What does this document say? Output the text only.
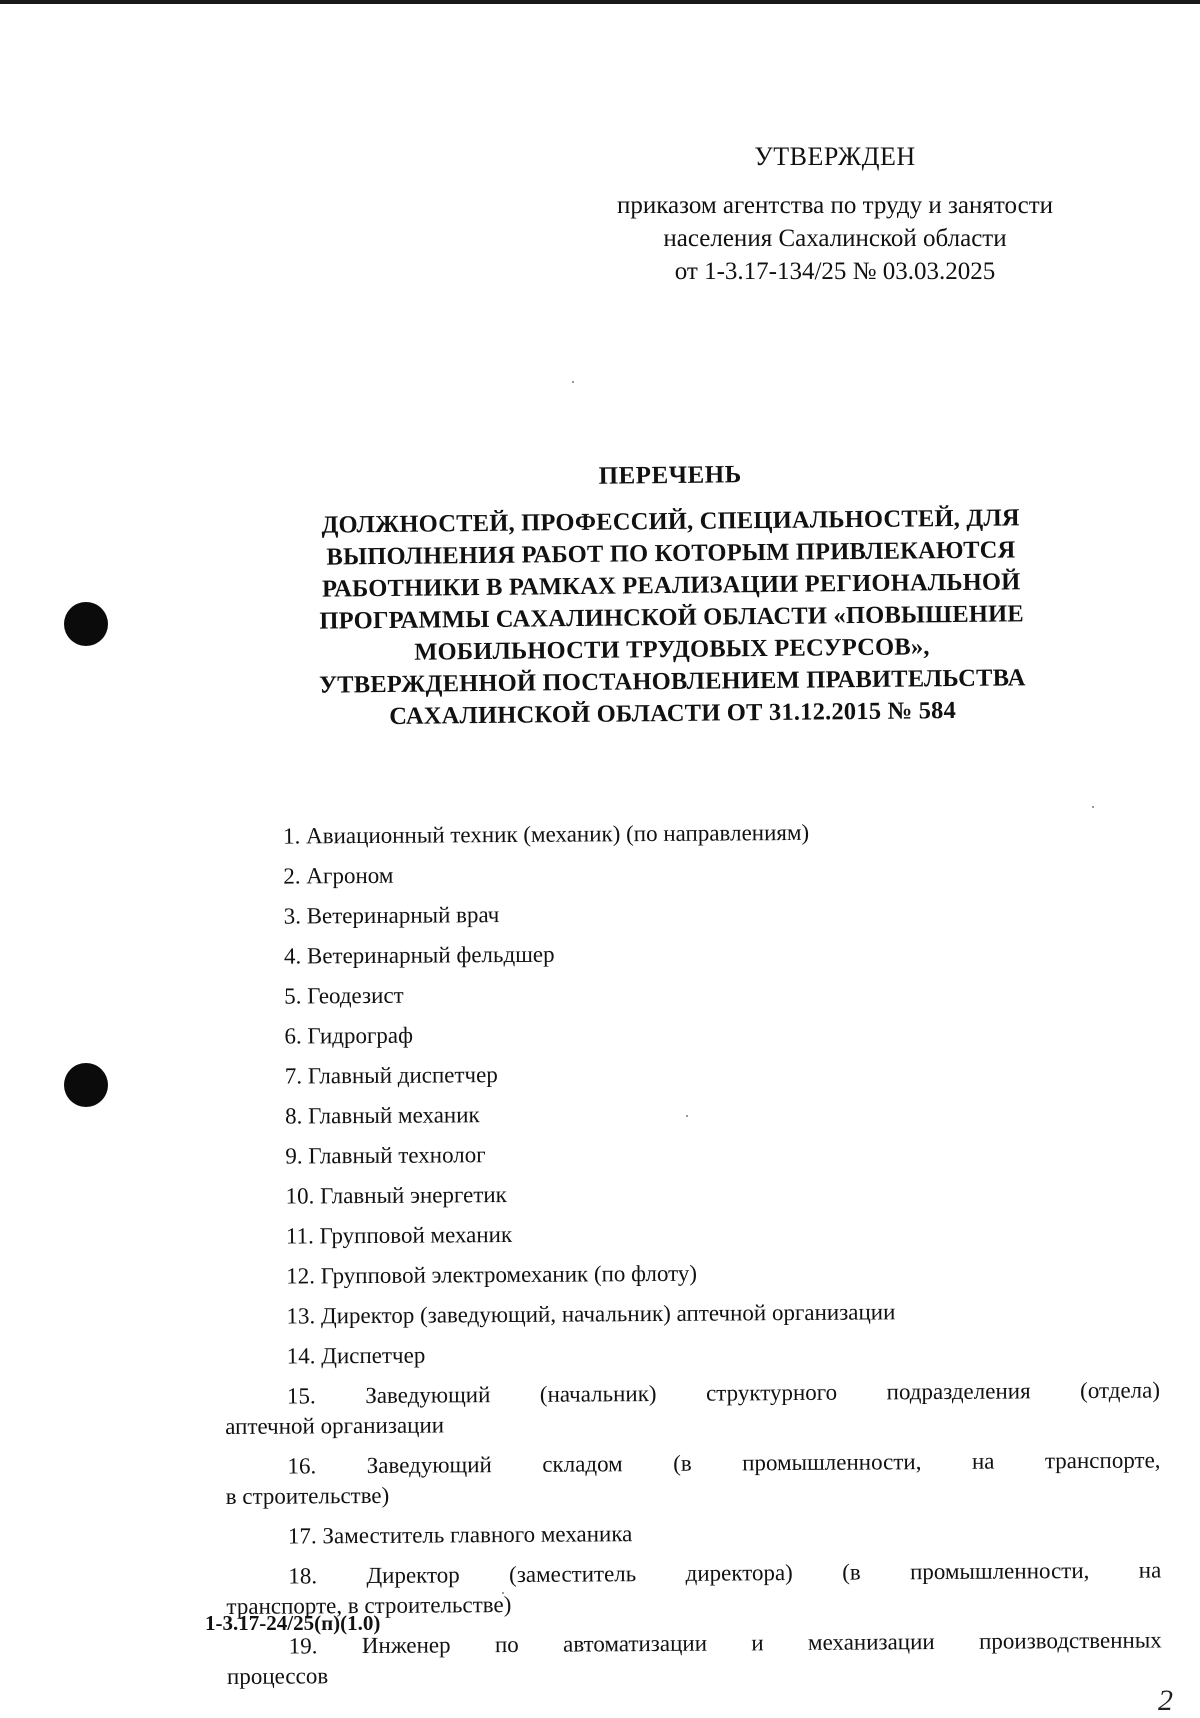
УТВЕРЖДЕН
приказом агентства по труду и занятости
населения Сахалинской области
от 1-3.17-134/25 № 03.03.2025
ПЕРЕЧЕНЬ
ДОЛЖНОСТЕЙ, ПРОФЕССИЙ, СПЕЦИАЛЬНОСТЕЙ, ДЛЯ
ВЫПОЛНЕНИЯ РАБОТ ПО КОТОРЫМ ПРИВЛЕКАЮТСЯ
РАБОТНИКИ В РАМКАХ РЕАЛИЗАЦИИ РЕГИОНАЛЬНОЙ
ПРОГРАММЫ САХАЛИНСКОЙ ОБЛАСТИ «ПОВЫШЕНИЕ
МОБИЛЬНОСТИ ТРУДОВЫХ РЕСУРСОВ»,
УТВЕРЖДЕННОЙ ПОСТАНОВЛЕНИЕМ ПРАВИТЕЛЬСТВА
САХАЛИНСКОЙ ОБЛАСТИ ОТ 31.12.2015 № 584
1. Авиационный техник (механик) (по направлениям)
2. Агроном
3. Ветеринарный врач
4. Ветеринарный фельдшер
5. Геодезист
6. Гидрограф
7. Главный диспетчер
8. Главный механик
9. Главный технолог
10. Главный энергетик
11. Групповой механик
12. Групповой электромеханик (по флоту)
13. Директор (заведующий, начальник) аптечной организации
14. Диспетчер
15. Заведующий (начальник) структурного подразделения (отдела)
аптечной организации
16. Заведующий складом (в промышленности, на транспорте,
в строительстве)
17. Заместитель главного механика
18. Директор (заместитель директора) (в промышленности, на
транспорте, в строительстве)
19. Инженер по автоматизации и механизации производственных
процессов
1-3.17-24/25(п)(1.0)
2
